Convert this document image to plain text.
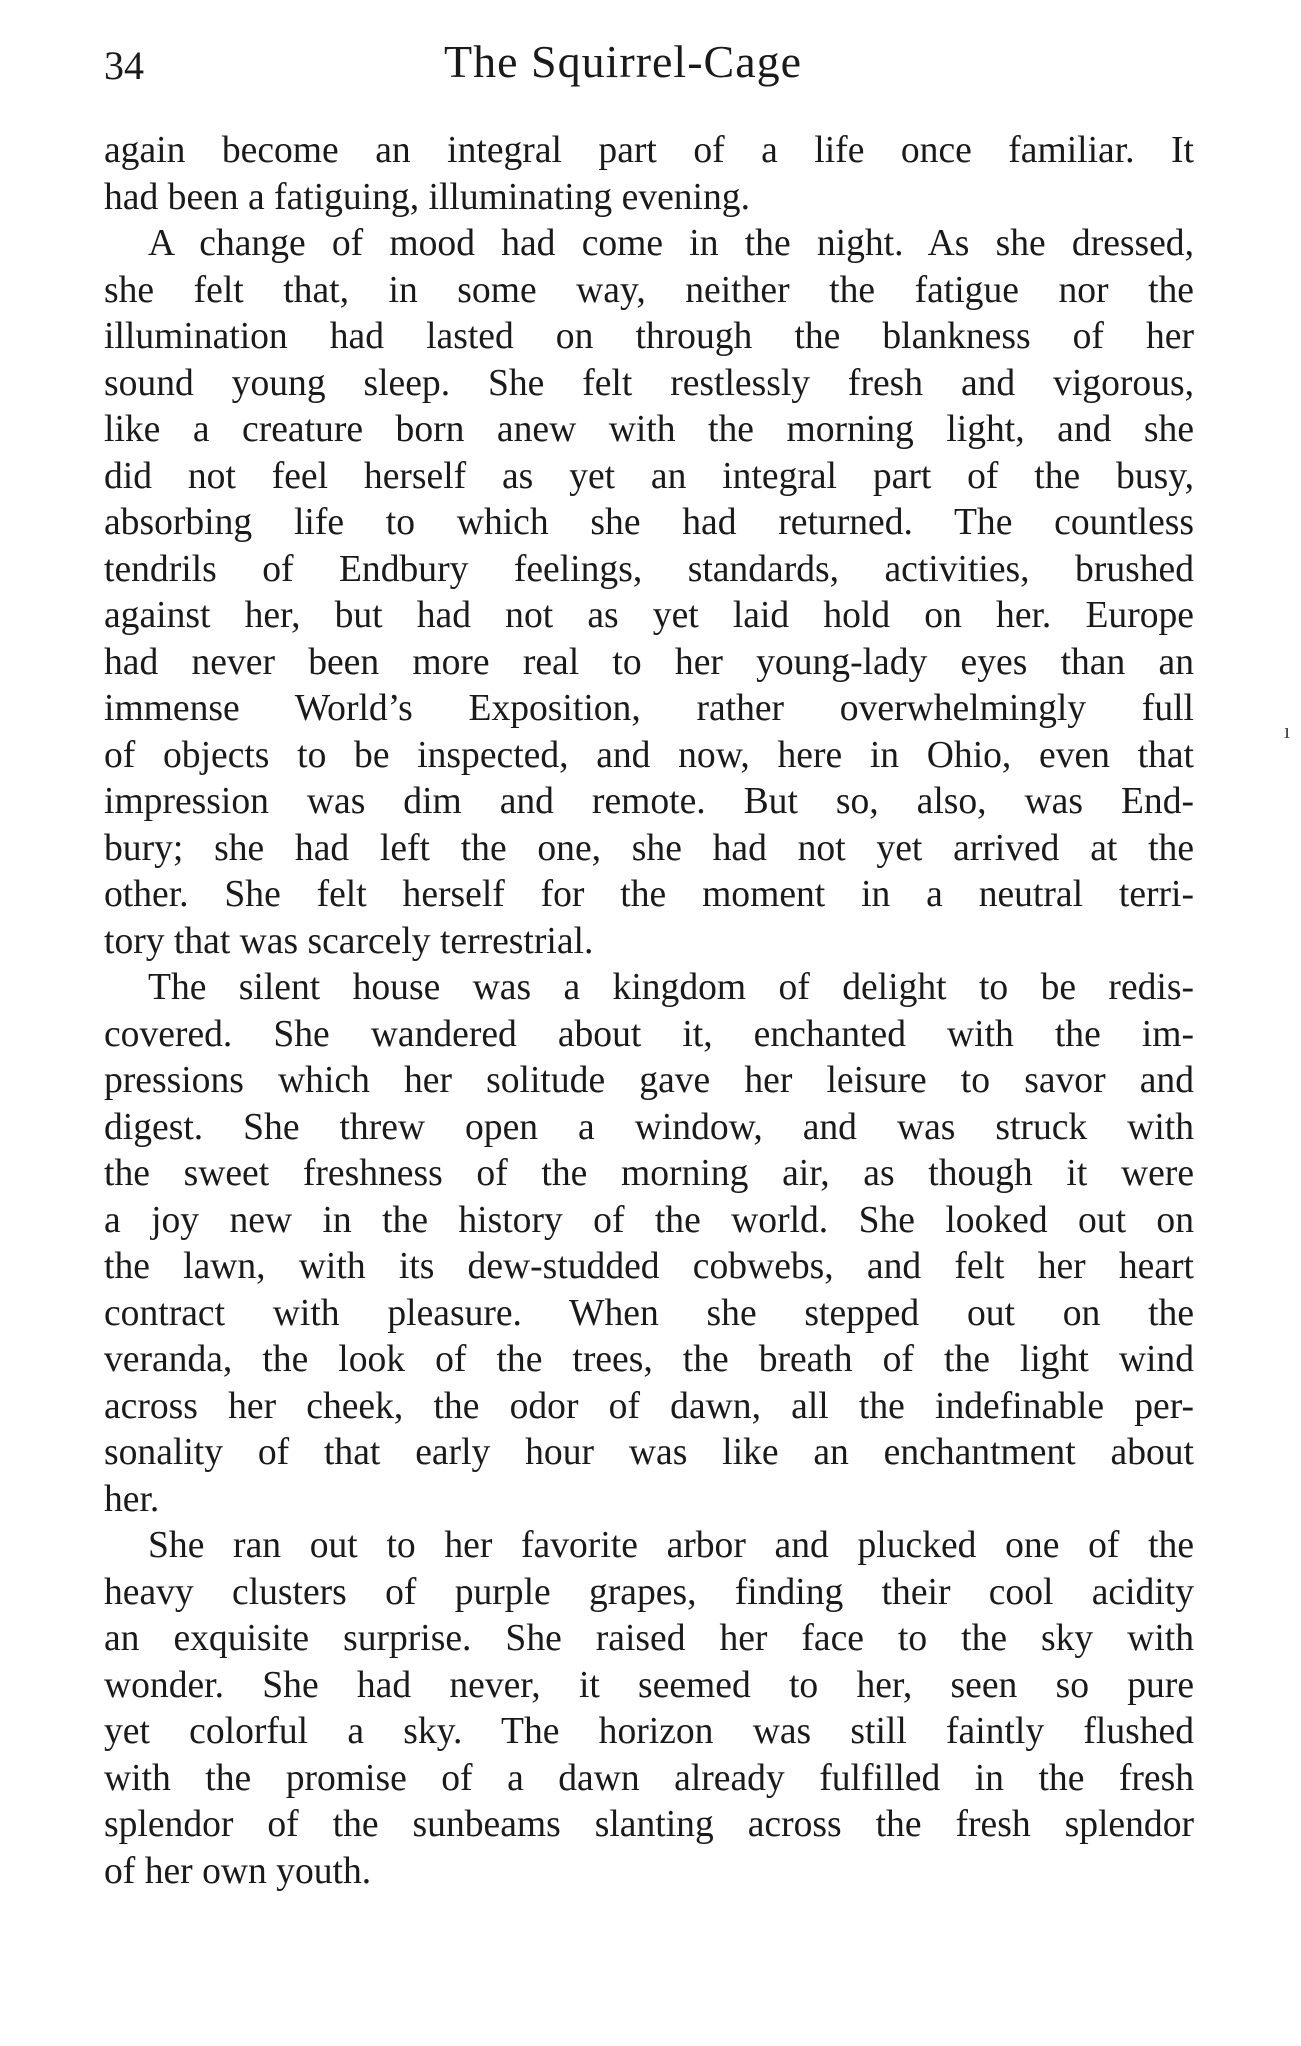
34	The Squirrel-Cage
again become an integral part of a life once familiar. It
had been a fatiguing, illuminating evening.
A change of mood had come in the night. As she dressed,
she felt that, in some way, neither the fatigue nor the
illumination had lasted on through the blankness of her
sound young sleep. She felt restlessly fresh and vigorous,
like a creature born anew with the morning light, and she
did not feel herself as yet an integral part of the busy,
absorbing life to which she had returned. The countless
tendrils of Endbury feelings, standards, activities, brushed
against her, but had not as yet laid hold on her. Europe
had never been more real to her young-lady eyes than an
immense World’s Exposition, rather overwhelmingly full
of objects to be inspected, and now, here in Ohio, even that
impression was dim and remote. But so, also, was End-
bury; she had left the one, she had not yet arrived at the
other. She felt herself for the moment in a neutral terri-
tory that was scarcely terrestrial.
The silent house was a kingdom of delight to be redis-
covered. She wandered about it, enchanted with the im-
pressions which her solitude gave her leisure to savor and
digest. She threw open a window, and was struck with
the sweet freshness of the morning air, as though it were
a joy new in the history of the world. She looked out on
the lawn, with its dew-studded cobwebs, and felt her heart
contract with pleasure. When she stepped out on the
veranda, the look of the trees, the breath of the light wind
across her cheek, the odor of dawn, all the indefinable per-
sonality of that early hour was like an enchantment about
her.
She ran out to her favorite arbor and plucked one of the
heavy clusters of purple grapes, finding their cool acidity
an exquisite surprise. She raised her face to the sky with
wonder. She had never, it seemed to her, seen so pure
yet colorful a sky. The horizon was still faintly flushed
with the promise of a dawn already fulfilled in the fresh
splendor of the sunbeams slanting across the fresh splendor
of her own youth.
ı
